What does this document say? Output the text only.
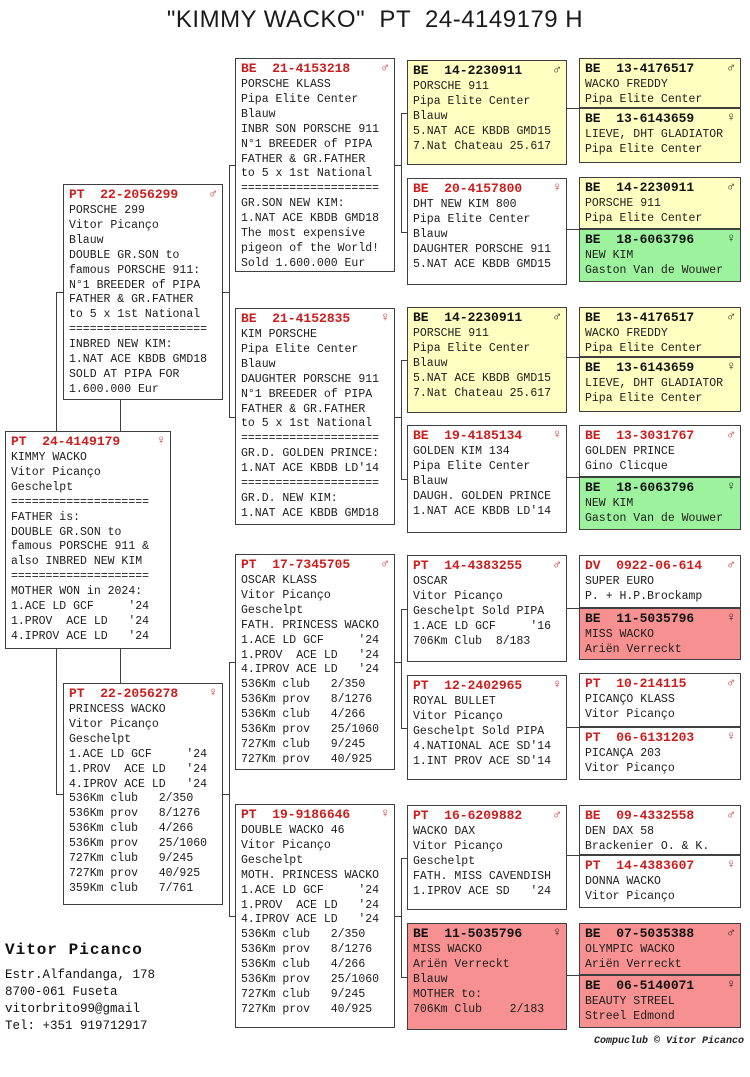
"KIMMY WACKO"  PT  24-4149179 H
PT  24-4149179	♀
KIMMY WACKO
Vitor Picanço
Geschelpt
====================
FATHER is:
DOUBLE GR.SON to
famous PORSCHE 911 &
also INBRED NEW KIM
====================
MOTHER WON in 2024:
1.ACE LD GCF     '24
1.PROV  ACE LD   '24
4.IPROV ACE LD   '24
PT  22-2056299 ♂
PORSCHE 299
Vitor Picanço
Blauw
DOUBLE GR.SON to
famous PORSCHE 911:
N°1 BREEDER of PIPA
FATHER & GR.FATHER
to 5 x 1st National
====================
INBRED NEW KIM:
1.NAT ACE KBDB GMD18
SOLD AT PIPA FOR
1.600.000 Eur
PT  22-2056278 ♀
PRINCESS WACKO
Vitor Picanço
Geschelpt
1.ACE LD GCF     '24
1.PROV  ACE LD   '24
4.IPROV ACE LD   '24
536Km club   2/350
536Km prov   8/1276
536Km club   4/266
536Km prov   25/1060
727Km club   9/245
727Km prov   40/925
359Km club   7/761
BE  21-4153218 ♂
PORSCHE KLASS
Pipa Elite Center
Blauw
INBR SON PORSCHE 911
N°1 BREEDER of PIPA
FATHER & GR.FATHER
to 5 x 1st National
====================
GR.SON NEW KIM:
1.NAT ACE KBDB GMD18
The most expensive
pigeon of the World!
Sold 1.600.000 Eur
BE  21-4152835 ♀
KIM PORSCHE
Pipa Elite Center
Blauw
DAUGHTER PORSCHE 911
N°1 BREEDER of PIPA
FATHER & GR.FATHER
to 5 x 1st National
====================
GR.D. GOLDEN PRINCE:
1.NAT ACE KBDB LD'14
====================
GR.D. NEW KIM:
1.NAT ACE KBDB GMD18
PT  17-7345705 ♂
OSCAR KLASS
Vitor Picanço
Geschelpt
FATH. PRINCESS WACKO
1.ACE LD GCF     '24
1.PROV  ACE LD   '24
4.IPROV ACE LD   '24
536Km club   2/350
536Km prov   8/1276
536Km club   4/266
536Km prov   25/1060
727Km club   9/245
727Km prov   40/925
PT  19-9186646 ♀
DOUBLE WACKO 46
Vitor Picanço
Geschelpt
MOTH. PRINCESS WACKO
1.ACE LD GCF     '24
1.PROV  ACE LD   '24
4.IPROV ACE LD   '24
536Km club   2/350
536Km prov   8/1276
536Km club   4/266
536Km prov   25/1060
727Km club   9/245
727Km prov   40/925
BE  14-2230911 ♂
PORSCHE 911
Pipa Elite Center
Blauw
5.NAT ACE KBDB GMD15
7.Nat Chateau 25.617
BE  20-4157800 ♀
DHT NEW KIM 800
Pipa Elite Center
Blauw
DAUGHTER PORSCHE 911
5.NAT ACE KBDB GMD15
BE  14-2230911 ♂
PORSCHE 911
Pipa Elite Center
Blauw
5.NAT ACE KBDB GMD15
7.Nat Chateau 25.617
BE  19-4185134 ♀
GOLDEN KIM 134
Pipa Elite Center
Blauw
DAUGH. GOLDEN PRINCE
1.NAT ACE KBDB LD'14
PT  14-4383255 ♂
OSCAR
Vitor Picanço
Geschelpt Sold PIPA
1.ACE LD GCF     '16
706Km Club  8/183
PT  12-2402965 ♀
ROYAL BULLET
Vitor Picanço
Geschelpt Sold PIPA
4.NATIONAL ACE SD'14
1.INT PROV ACE SD'14
PT  16-6209882 ♂
WACKO DAX
Vitor Picanço
Geschelpt
FATH. MISS CAVENDISH
1.IPROV ACE SD   '24
BE  11-5035796 ♀
MISS WACKO
Ariën Verreckt
Blauw
MOTHER to:
706Km Club    2/183
BE  13-4176517	♂
WACKO FREDDY
Pipa Elite Center
BE  13-6143659	♀
LIEVE, DHT GLADIATOR
Pipa Elite Center
BE  14-2230911	♂
PORSCHE 911
Pipa Elite Center
BE  18-6063796	♀
NEW KIM
Gaston Van de Wouwer
BE  13-4176517	♂
WACKO FREDDY
Pipa Elite Center
BE  13-6143659	♀
LIEVE, DHT GLADIATOR
Pipa Elite Center
BE  13-3031767	♂
GOLDEN PRINCE
Gino Clicque
BE  18-6063796	♀
NEW KIM
Gaston Van de Wouwer
DV  0922-06-614 ♂
SUPER EURO
P. + H.P.Brockamp
BE  11-5035796	♀
MISS WACKO
Ariën Verreckt
PT  10-214115	♂
PICANÇO KLASS
Vitor Picanço
PT  06-6131203	♀
PICANÇA 203
Vitor Picanço
BE  09-4332558	♂
DEN DAX 58
Brackenier O. & K.
PT  14-4383607	♀
DONNA WACKO
Vitor Picanço
BE  07-5035388	♂
OLYMPIC WACKO
Ariën Verreckt
BE  06-5140071	♀
BEAUTY STREEL
Streel Edmond
Vitor Picanco
Estr.Alfandanga, 178
8700-061 Fuseta
vitorbrito99@gmail
Tel: +351 919712917
Compuclub © Vitor Picanco
